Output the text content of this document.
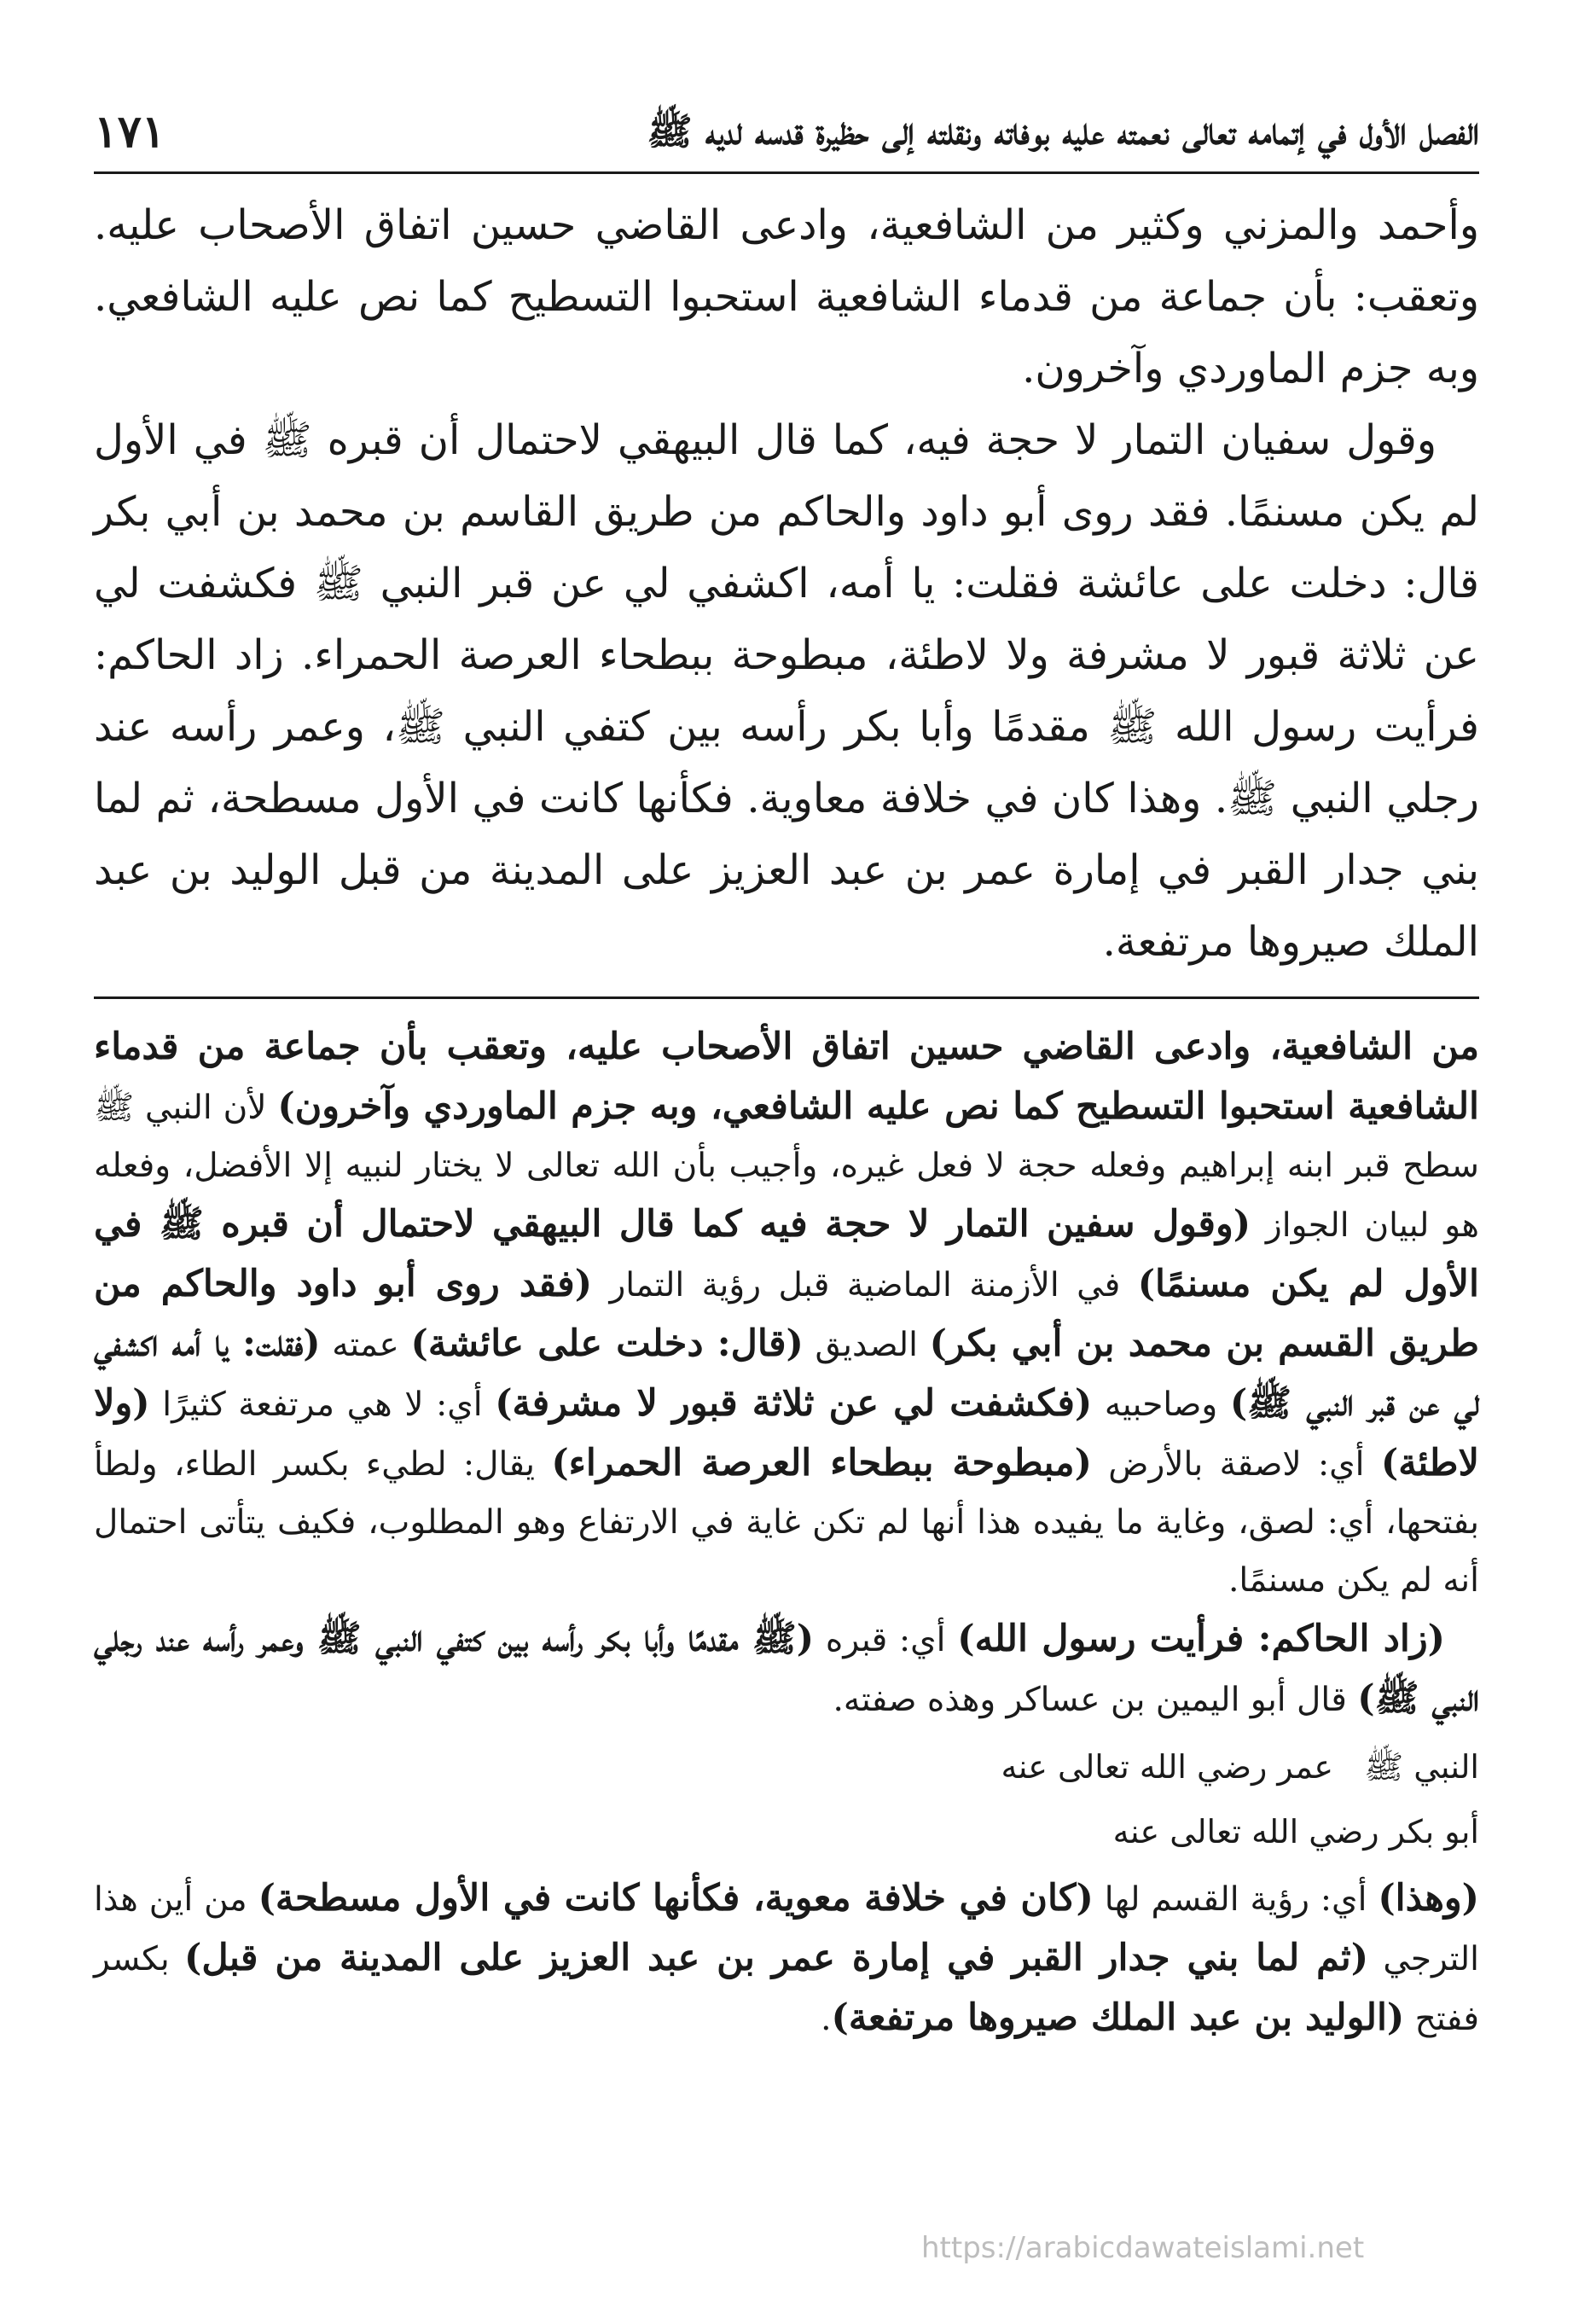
الفصل الأول في إتمامه تعالى نعمته عليه بوفاته ونقلته إلى حظيرة قدسه لديه ﷺ
١٧١

وأحمد والمزني وكثير من الشافعية، وادعى القاضي حسين اتفاق الأصحاب عليه. وتعقب: بأن جماعة من قدماء الشافعية استحبوا التسطيح كما نص عليه الشافعي. وبه جزم الماوردي وآخرون.

وقول سفيان التمار لا حجة فيه، كما قال البيهقي لاحتمال أن قبره ﷺ في الأول لم يكن مسنمًا. فقد روى أبو داود والحاكم من طريق القاسم بن محمد بن أبي بكر قال: دخلت على عائشة فقلت: يا أمه، اكشفي لي عن قبر النبي ﷺ فكشفت لي عن ثلاثة قبور لا مشرفة ولا لاطئة، مبطوحة ببطحاء العرصة الحمراء. زاد الحاكم: فرأيت رسول الله ﷺ مقدمًا وأبا بكر رأسه بين كتفي النبي ﷺ، وعمر رأسه عند رجلي النبي ﷺ. وهذا كان في خلافة معاوية. فكأنها كانت في الأول مسطحة، ثم لما بني جدار القبر في إمارة عمر بن عبد العزيز على المدينة من قبل الوليد بن عبد الملك صيروها مرتفعة.

من الشافعية، وادعى القاضي حسين اتفاق الأصحاب عليه، وتعقب بأن جماعة من قدماء الشافعية استحبوا التسطيح كما نص عليه الشافعي، وبه جزم الماوردي وآخرون) لأن النبي ﷺ سطح قبر ابنه إبراهيم وفعله حجة لا فعل غيره، وأجيب بأن الله تعالى لا يختار لنبيه إلا الأفضل، وفعله هو لبيان الجواز (وقول سفين التمار لا حجة فيه كما قال البيهقي لاحتمال أن قبره ﷺ في الأول لم يكن مسنمًا) في الأزمنة الماضية قبل رؤية التمار (فقد روى أبو داود والحاكم من طريق القسم بن محمد بن أبي بكر) الصديق (قال: دخلت على عائشة) عمته (فقلت: يا أمه اكشفي لي عن قبر النبي ﷺ) وصاحبيه (فكشفت لي عن ثلاثة قبور لا مشرفة) أي: لا هي مرتفعة كثيرًا (ولا لاطئة) أي: لاصقة بالأرض (مبطوحة ببطحاء العرصة الحمراء) يقال: لطيء بكسر الطاء، ولطأ بفتحها، أي: لصق، وغاية ما يفيده هذا أنها لم تكن غاية في الارتفاع وهو المطلوب، فكيف يتأتى احتمال أنه لم يكن مسنمًا.

(زاد الحاكم: فرأيت رسول الله) أي: قبره (ﷺ مقدمًا وأبا بكر رأسه بين كتفي النبي ﷺ وعمر رأسه عند رجلي النبي ﷺ) قال أبو اليمين بن عساكر وهذه صفته.

النبي ﷺ   عمر رضي الله تعالى عنه
أبو بكر رضي الله تعالى عنه

(وهذا) أي: رؤية القسم لها (كان في خلافة معوية، فكأنها كانت في الأول مسطحة) من أين هذا الترجي (ثم لما بني جدار القبر في إمارة عمر بن عبد العزيز على المدينة من قبل) بكسر ففتح (الوليد بن عبد الملك صيروها مرتفعة).

https://arabicdawateislami.net
